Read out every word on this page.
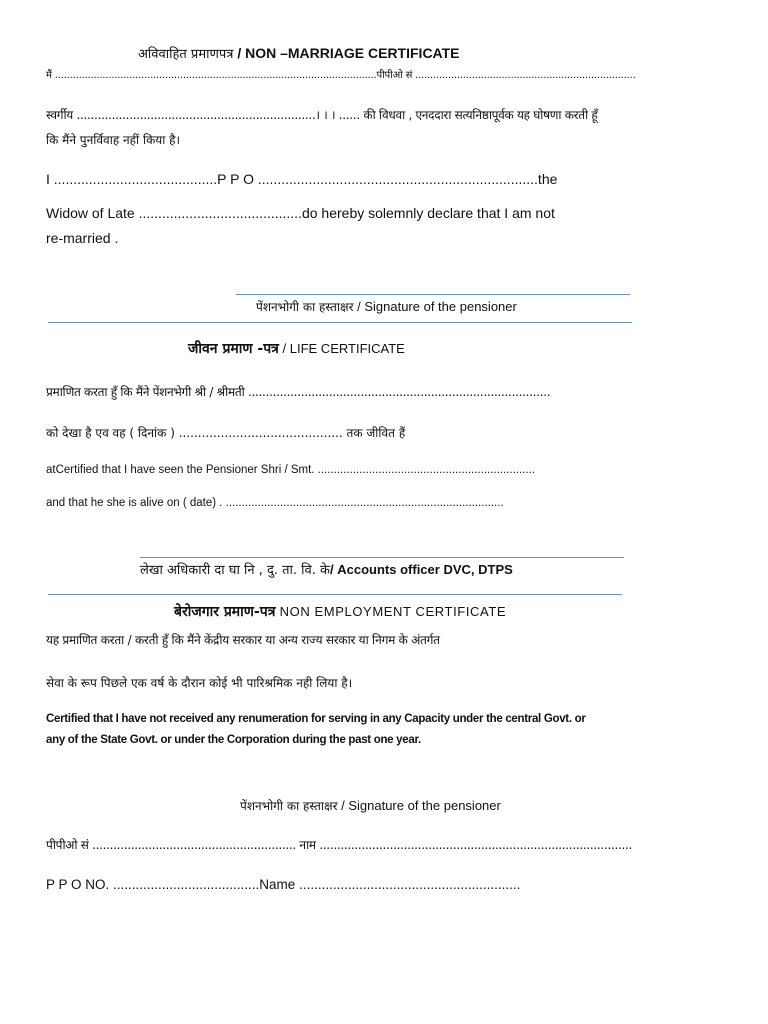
अविवाहित प्रमाणपत्र / NON –MARRIAGE CERTIFICATE
मैं ............................................................................................................पीपीओ सं ..........................................................................
स्वर्गीय ....................................................................। । । ...... की विधवा , एनददारा सत्यनिष्ठापूर्वक यह घोषणा करती हूँ
कि मैंने पुनर्विवाह नहीं किया है।
I ..........................................P P O ........................................................................the
Widow of Late ..........................................do hereby solemnly declare that I am not
re-married .
पेंशनभोगी का हस्ताक्षर / Signature of the pensioner
जीवन प्रमाण -पत्र / LIFE CERTIFICATE
प्रमाणित करता हुँ कि मैंने पेंशनभेगी श्री / श्रीमती ......................................................................................
को देखा है एव वह ( दिनांक ) ........................................... तक जीवित हैं
atCertified that I have seen the Pensioner Shri / Smt. ....................................................................
and that he she is alive on ( date) . .......................................................................................
लेखा अधिकारी दा घा नि , दु. ता. वि. के/ Accounts officer DVC, DTPS
बेरोजगार प्रमाण-पत्र NON EMPLOYMENT CERTIFICATE
यह प्रमाणित करता / करती हुँ कि मैंने केंद्रीय सरकार या अन्य राज्य सरकार या निगम के अंतर्गत
सेवा के रूप पिछले एक वर्ष के दौरान कोई भी पारिश्रमिक नही लिया है।
Certified that I have not received any renumeration for serving in any Capacity under the central Govt. or
any of the State Govt. or under the Corporation during the past one year.
पेंशनभोगी का हस्ताक्षर / Signature of the pensioner
पीपीओ सं .......................................................... नाम .........................................................................................
P P O NO. .......................................Name ...........................................................
